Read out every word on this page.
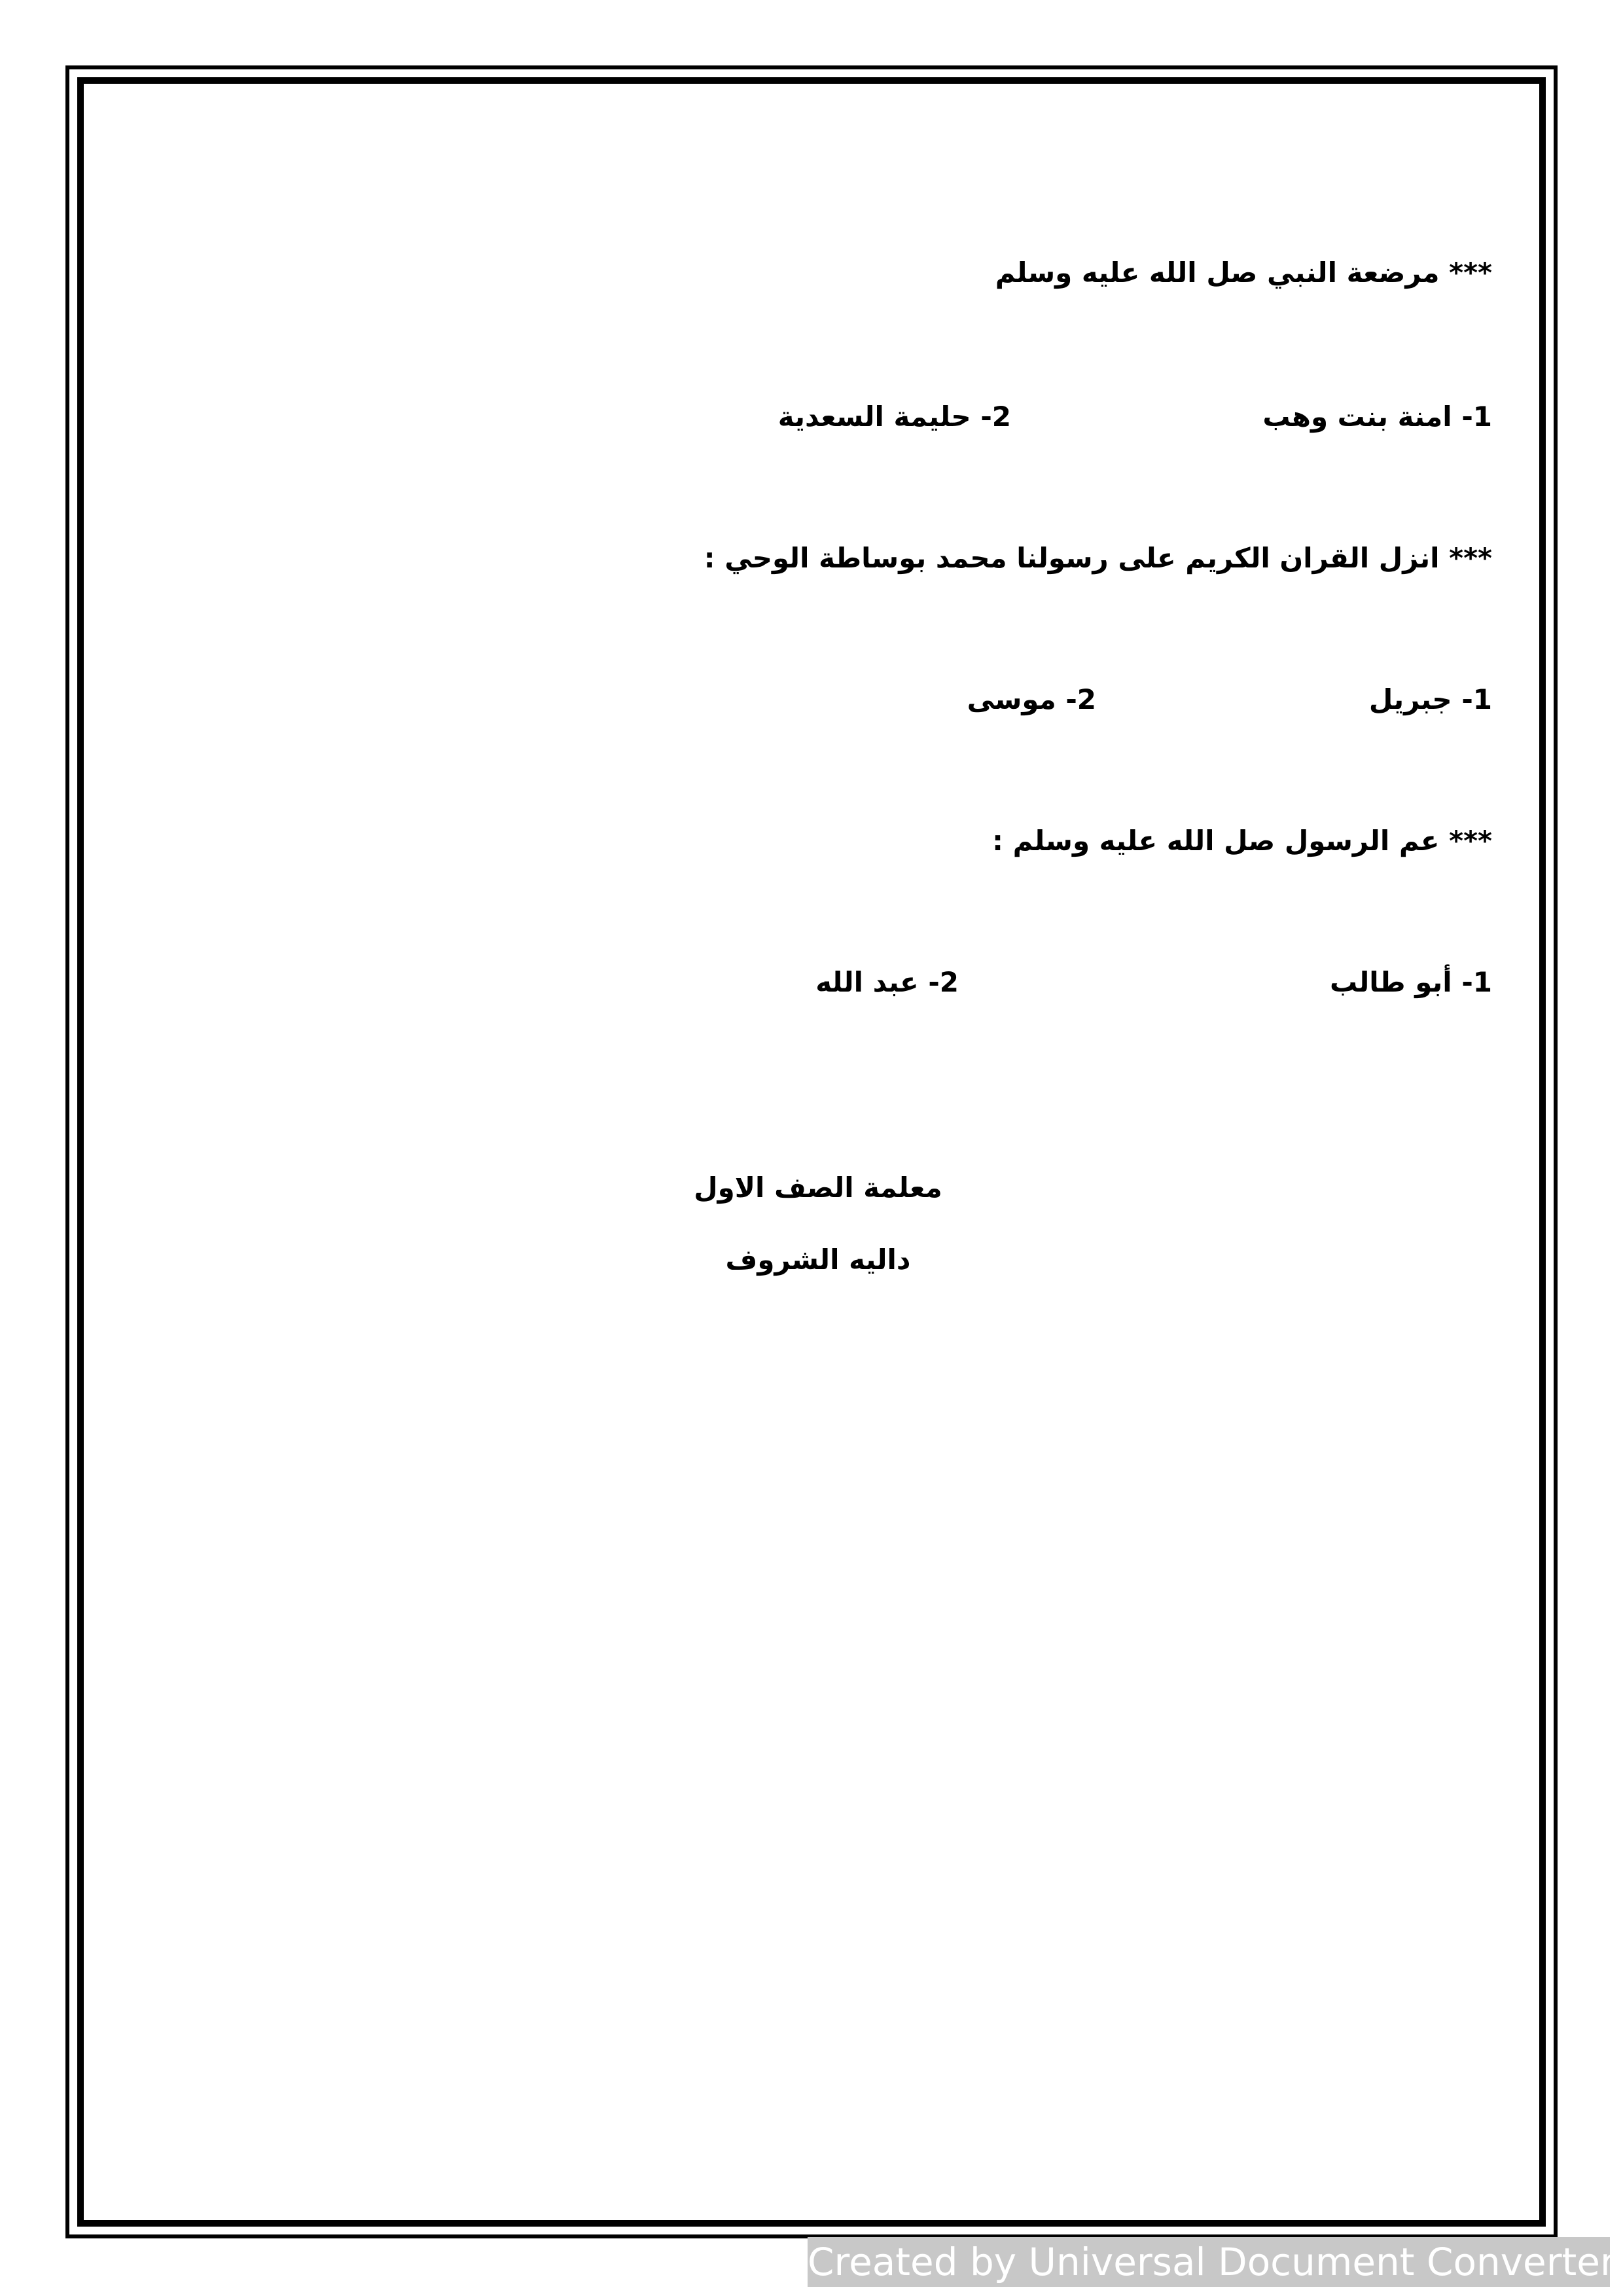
*** مرضعة النبي صل الله عليه وسلم
1- امنة بنت وهب
2- حليمة السعدية
*** انزل القران الكريم على رسولنا محمد بوساطة الوحي :
1- جبريل
2- موسى
*** عم الرسول صل الله عليه وسلم :
1- أبو طالب
2- عبد الله
معلمة الصف الاول
داليه الشروف
Created by Universal Document Converter
